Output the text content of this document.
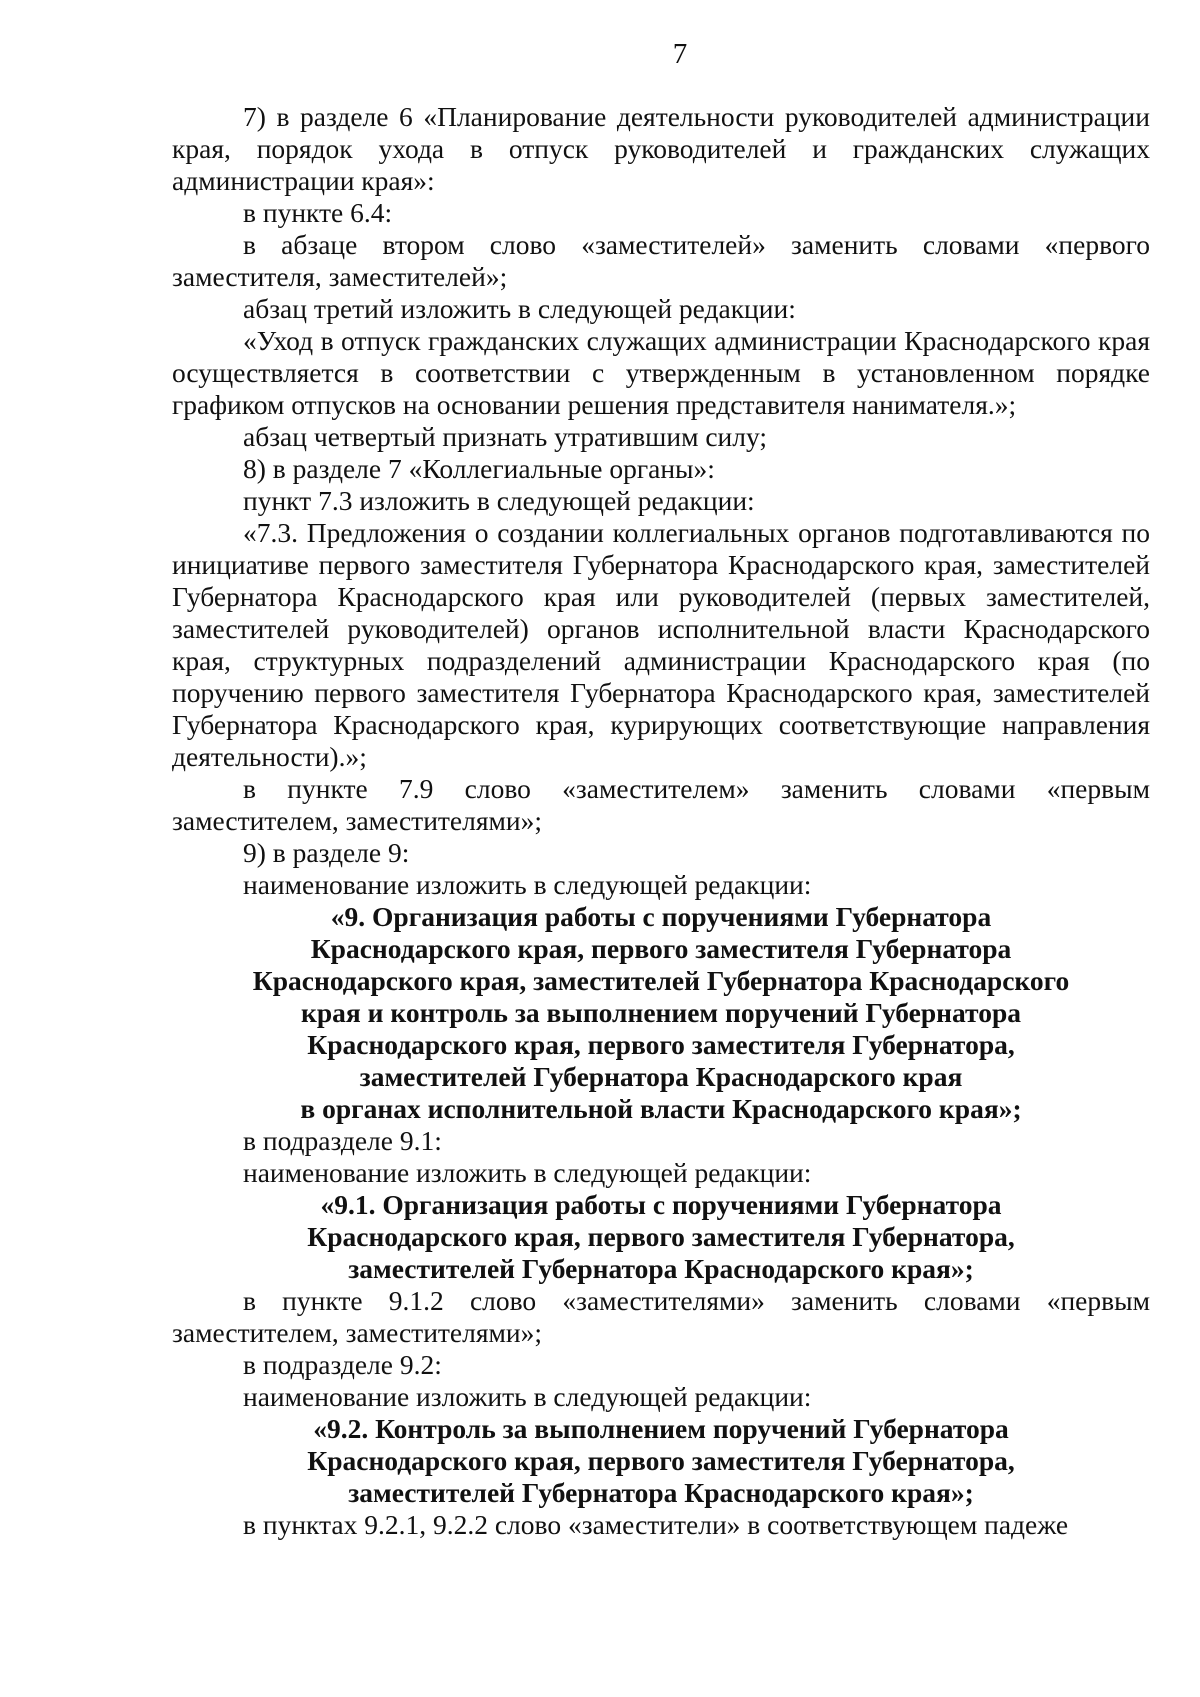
7

7) в разделе 6 «Планирование деятельности руководителей администрации края, порядок ухода в отпуск руководителей и гражданских служащих администрации края»:

в пункте 6.4:

в абзаце втором слово «заместителей» заменить словами «первого заместителя, заместителей»;

абзац третий изложить в следующей редакции:

«Уход в отпуск гражданских служащих администрации Краснодарского края осуществляется в соответствии с утвержденным в установленном порядке графиком отпусков на основании решения представителя нанимателя.»;

абзац четвертый признать утратившим силу;

8) в разделе 7 «Коллегиальные органы»:

пункт 7.3 изложить в следующей редакции:

«7.3. Предложения о создании коллегиальных органов подготавливаются по инициативе первого заместителя Губернатора Краснодарского края, заместителей Губернатора Краснодарского края или руководителей (первых заместителей, заместителей руководителей) органов исполнительной власти Краснодарского края, структурных подразделений администрации Краснодарского края (по поручению первого заместителя Губернатора Краснодарского края, заместителей Губернатора Краснодарского края, курирующих соответствующие направления деятельности).»;

в пункте 7.9 слово «заместителем» заменить словами «первым заместителем, заместителями»;

9) в разделе 9:

наименование изложить в следующей редакции:

«9. Организация работы с поручениями Губернатора

Краснодарского края, первого заместителя Губернатора

Краснодарского края, заместителей Губернатора Краснодарского

края и контроль за выполнением поручений Губернатора

Краснодарского края, первого заместителя Губернатора,

заместителей Губернатора Краснодарского края

в органах исполнительной власти Краснодарского края»;

в подразделе 9.1:

наименование изложить в следующей редакции:

«9.1. Организация работы с поручениями Губернатора

Краснодарского края, первого заместителя Губернатора,

заместителей Губернатора Краснодарского края»;

в пункте 9.1.2 слово «заместителями» заменить словами «первым заместителем, заместителями»;

в подразделе 9.2:

наименование изложить в следующей редакции:

«9.2. Контроль за выполнением поручений Губернатора

Краснодарского края, первого заместителя Губернатора,

заместителей Губернатора Краснодарского края»;

в пунктах 9.2.1, 9.2.2 слово «заместители» в соответствующем падеже
